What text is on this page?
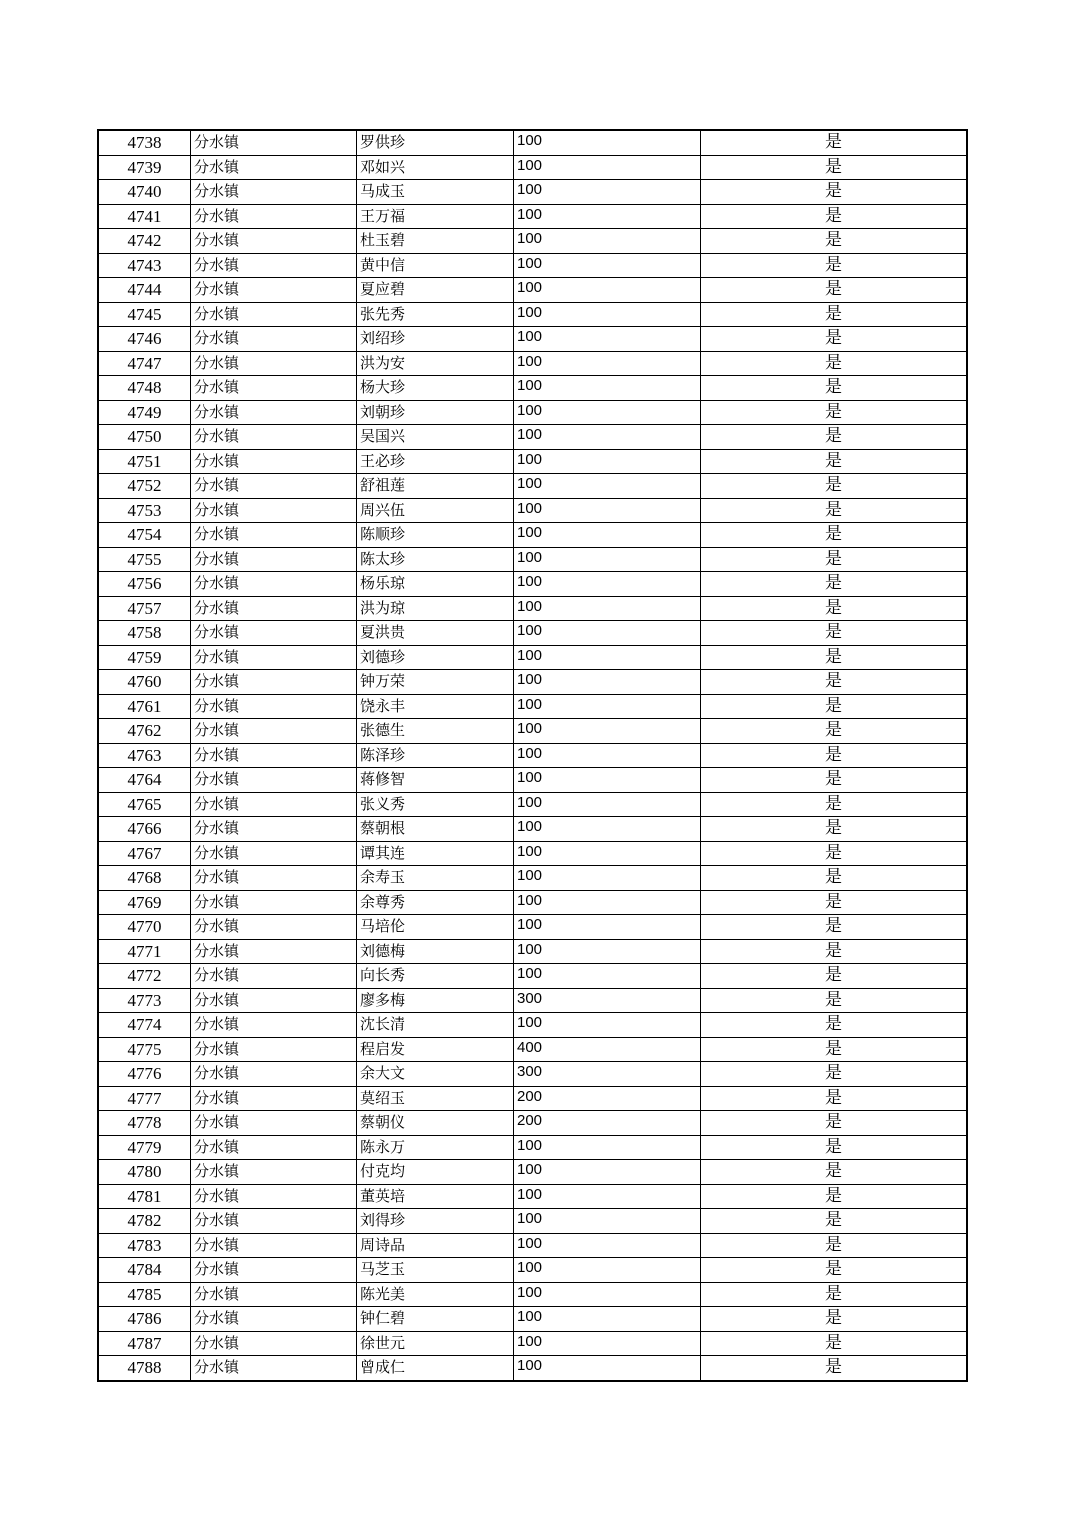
4738	分水镇	罗供珍	100	是
4739	分水镇	邓如兴	100	是
4740	分水镇	马成玉	100	是
4741	分水镇	王万福	100	是
4742	分水镇	杜玉碧	100	是
4743	分水镇	黄中信	100	是
4744	分水镇	夏应碧	100	是
4745	分水镇	张先秀	100	是
4746	分水镇	刘绍珍	100	是
4747	分水镇	洪为安	100	是
4748	分水镇	杨大珍	100	是
4749	分水镇	刘朝珍	100	是
4750	分水镇	吴国兴	100	是
4751	分水镇	王必珍	100	是
4752	分水镇	舒祖莲	100	是
4753	分水镇	周兴伍	100	是
4754	分水镇	陈顺珍	100	是
4755	分水镇	陈太珍	100	是
4756	分水镇	杨乐琼	100	是
4757	分水镇	洪为琼	100	是
4758	分水镇	夏洪贵	100	是
4759	分水镇	刘德珍	100	是
4760	分水镇	钟万荣	100	是
4761	分水镇	饶永丰	100	是
4762	分水镇	张德生	100	是
4763	分水镇	陈泽珍	100	是
4764	分水镇	蒋修智	100	是
4765	分水镇	张义秀	100	是
4766	分水镇	蔡朝根	100	是
4767	分水镇	谭其连	100	是
4768	分水镇	余寿玉	100	是
4769	分水镇	余尊秀	100	是
4770	分水镇	马培伦	100	是
4771	分水镇	刘德梅	100	是
4772	分水镇	向长秀	100	是
4773	分水镇	廖多梅	300	是
4774	分水镇	沈长清	100	是
4775	分水镇	程启发	400	是
4776	分水镇	余大文	300	是
4777	分水镇	莫绍玉	200	是
4778	分水镇	蔡朝仪	200	是
4779	分水镇	陈永万	100	是
4780	分水镇	付克均	100	是
4781	分水镇	董英培	100	是
4782	分水镇	刘得珍	100	是
4783	分水镇	周诗品	100	是
4784	分水镇	马芝玉	100	是
4785	分水镇	陈光美	100	是
4786	分水镇	钟仁碧	100	是
4787	分水镇	徐世元	100	是
4788	分水镇	曾成仁	100	是
